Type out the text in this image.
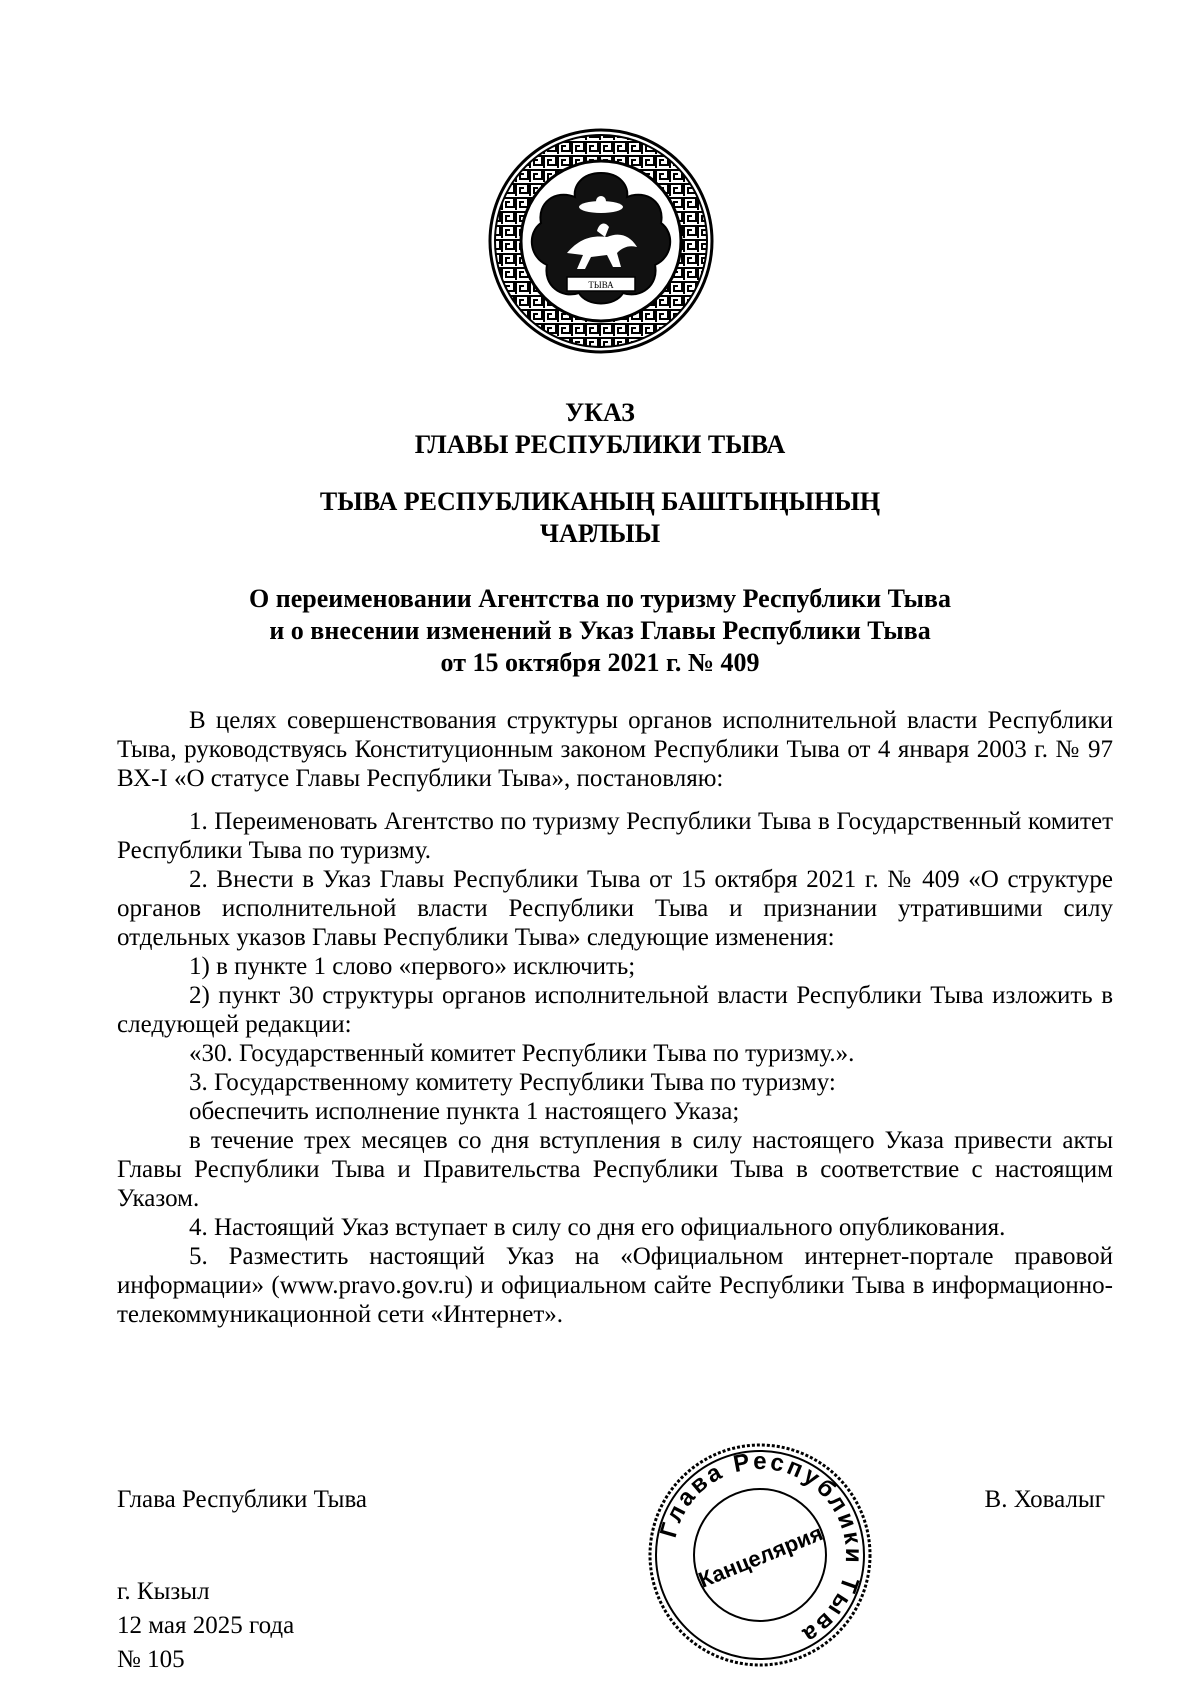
ТЫВА
УКАЗ
ГЛАВЫ РЕСПУБЛИКИ ТЫВА
ТЫВА РЕСПУБЛИКАНЫҢ БАШТЫҢЫНЫҢ
ЧАРЛЫЫ
О переименовании Агентства по туризму Республики Тыва
и о внесении изменений в Указ Главы Республики Тыва
от 15 октября 2021 г. № 409

В целях совершенствования структуры органов исполнительной власти Республики Тыва, руководствуясь Конституционным законом Республики Тыва от 4 января 2003 г. № 97 ВХ-I «О статусе Главы Республики Тыва», постановляю:

1. Переименовать Агентство по туризму Республики Тыва в Государственный комитет Республики Тыва по туризму.

2. Внести в Указ Главы Республики Тыва от 15 октября 2021 г. № 409 «О структуре органов исполнительной власти Республики Тыва и признании утратившими силу отдельных указов Главы Республики Тыва» следующие изменения:

1) в пункте 1 слово «первого» исключить;

2) пункт 30 структуры органов исполнительной власти Республики Тыва изложить в следующей редакции:

«30. Государственный комитет Республики Тыва по туризму.».

3. Государственному комитету Республики Тыва по туризму:

обеспечить исполнение пункта 1 настоящего Указа;

в течение трех месяцев со дня вступления в силу настоящего Указа привести акты Главы Республики Тыва и Правительства Республики Тыва в соответствие с настоящим Указом.

4. Настоящий Указ вступает в силу со дня его официального опубликования.

5. Разместить настоящий Указ на «Официальном интернет-портале правовой информации» (www.pravo.gov.ru) и официальном сайте Республики Тыва в информационно-телекоммуникационной сети «Интернет».

Глава Республики Тыва	В. Ховалыг
г. Кызыл
12 мая 2025 года
№ 105
Глава Республики Тыва
Канцелярия
